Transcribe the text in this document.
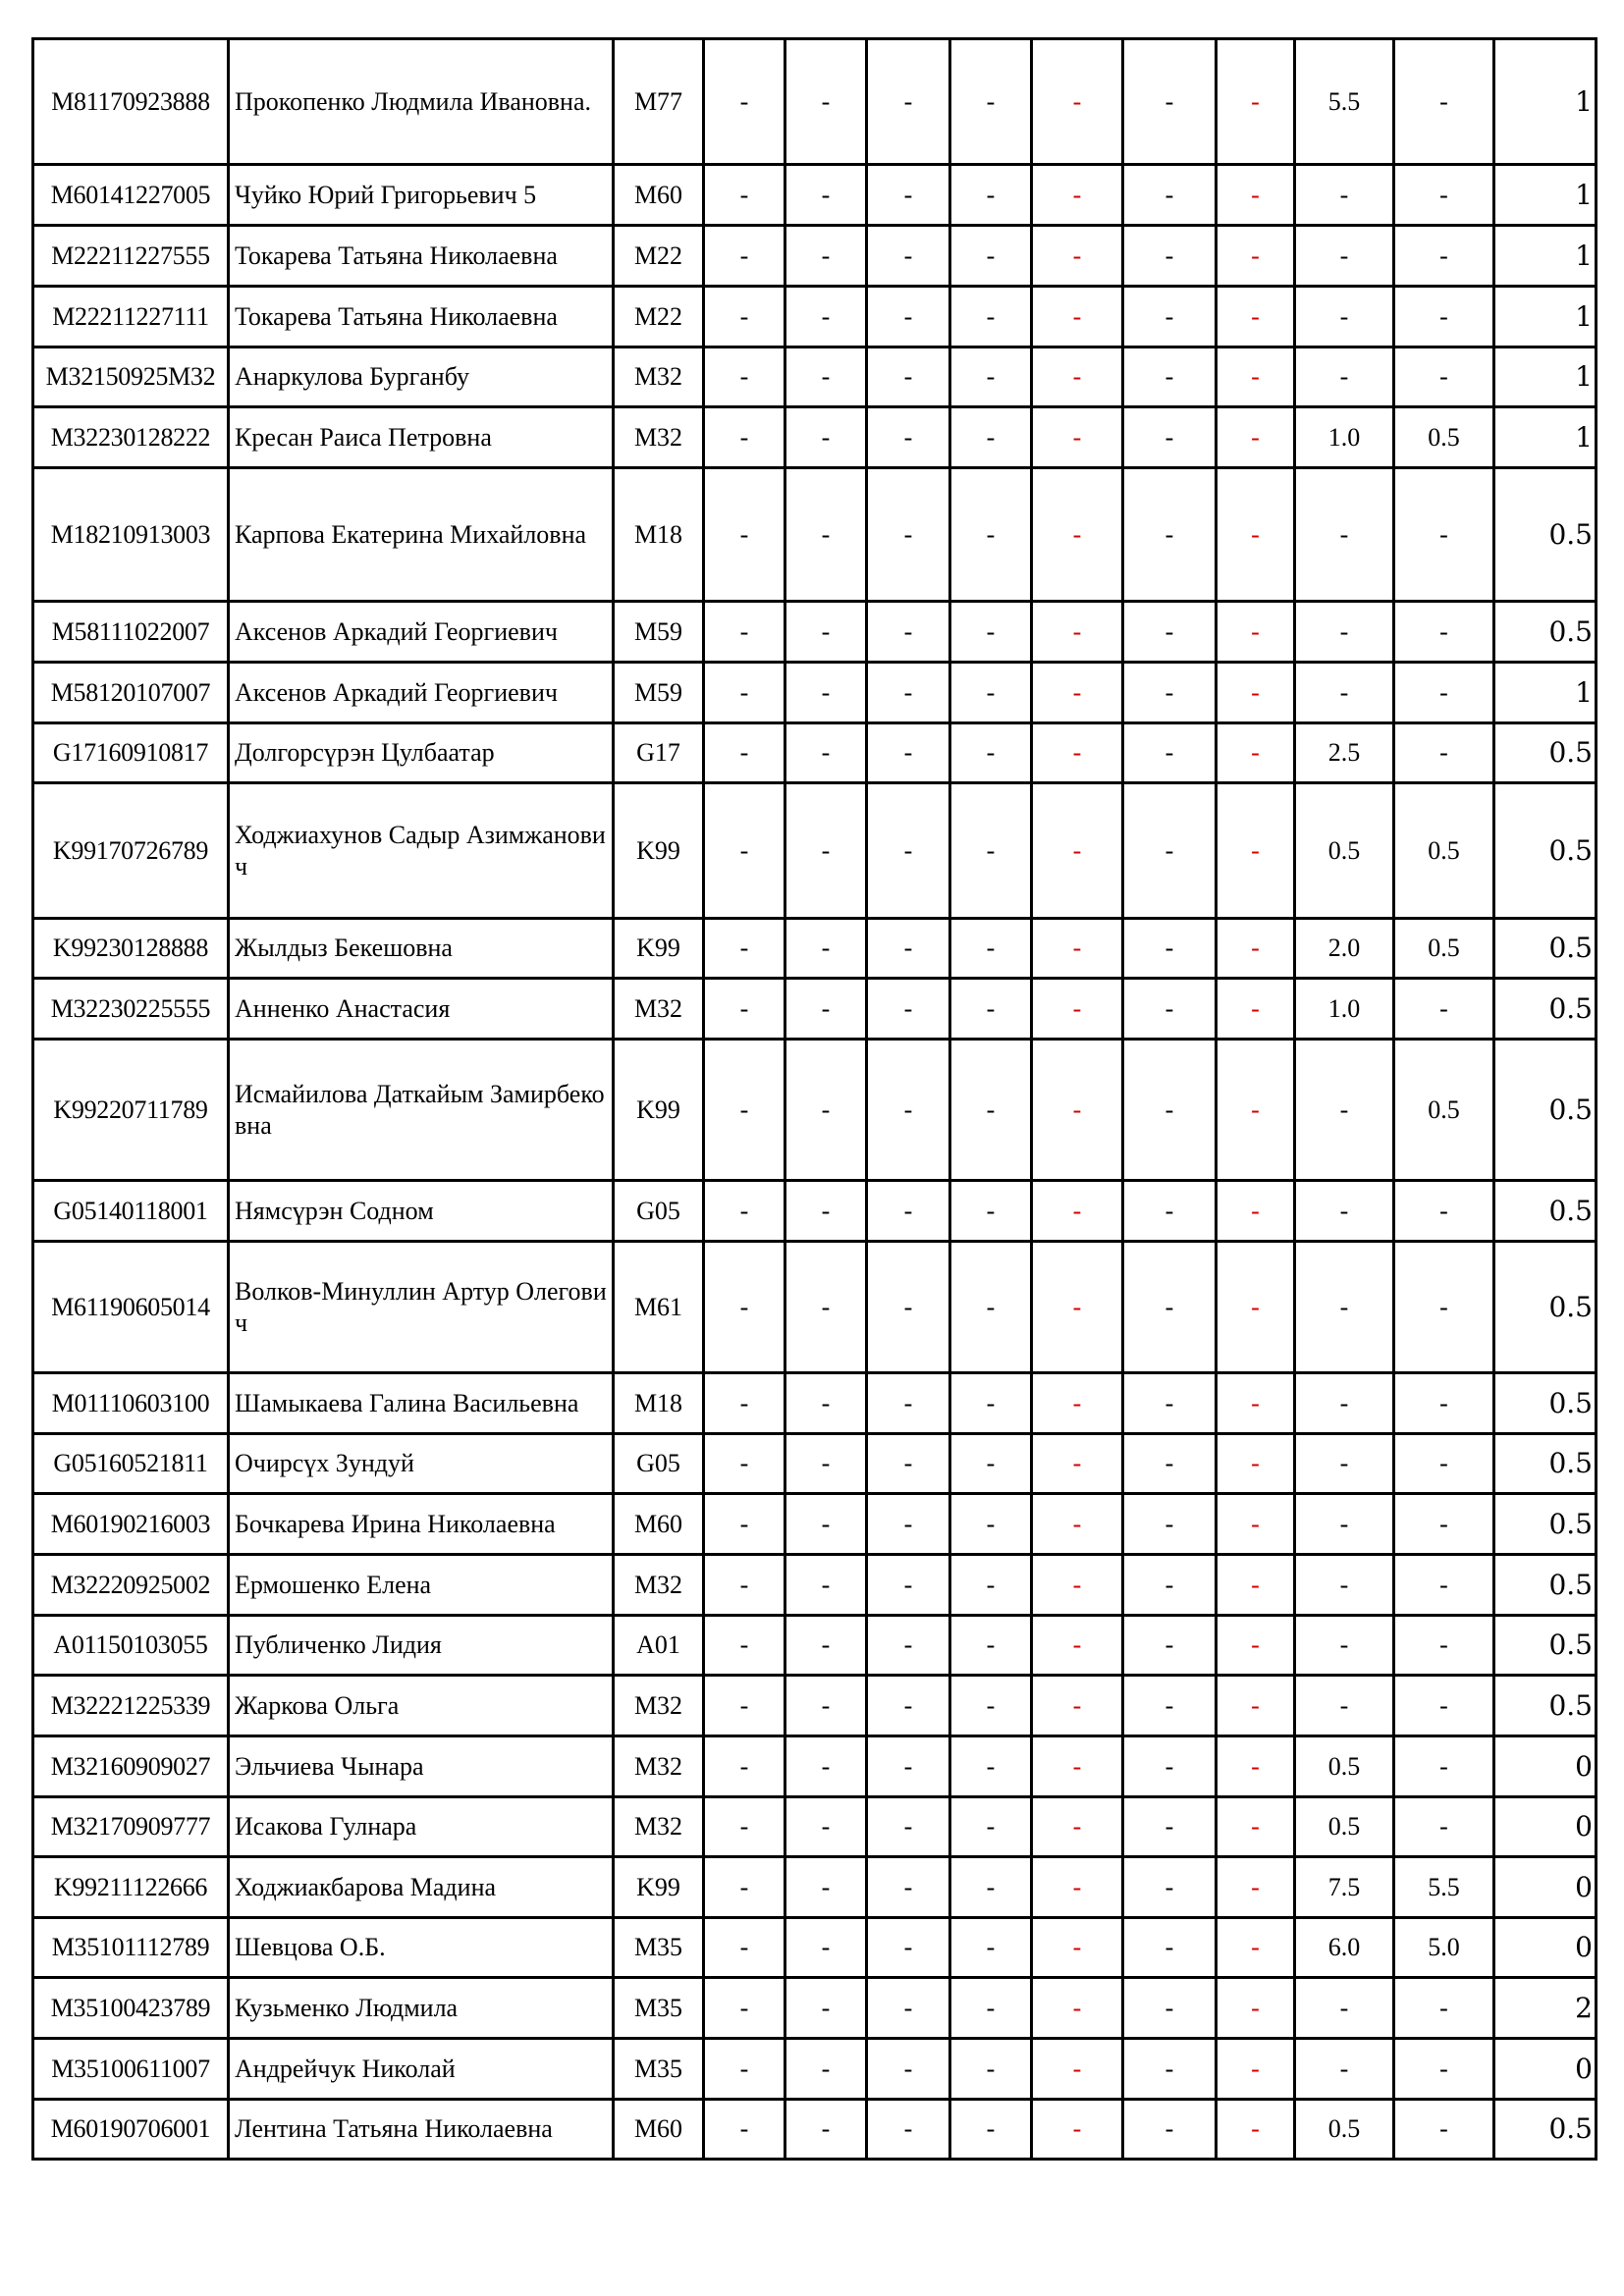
M81170923888	Прокопенко Людмила Ивановна.	M77	-	-	-	-	-	-	-	5.5	-	1
M60141227005	Чуйко Юрий Григорьевич 5	M60	-	-	-	-	-	-	-	-	-	1
M22211227555	Токарева Татьяна Николаевна	M22	-	-	-	-	-	-	-	-	-	1
M22211227111	Токарева Татьяна Николаевна	M22	-	-	-	-	-	-	-	-	-	1
M32150925M32	Анаркулова Бурганбу	M32	-	-	-	-	-	-	-	-	-	1
M32230128222	Кресан Раиса Петровна	M32	-	-	-	-	-	-	-	1.0	0.5	1
M18210913003	Карпова Екатерина Михайловна	M18	-	-	-	-	-	-	-	-	-	0.5
M58111022007	Аксенов Аркадий Георгиевич	M59	-	-	-	-	-	-	-	-	-	0.5
M58120107007	Аксенов Аркадий Георгиевич	M59	-	-	-	-	-	-	-	-	-	1
G17160910817	Долгорсүрэн Цулбаатар	G17	-	-	-	-	-	-	-	2.5	-	0.5
K99170726789	Ходжиахунов Садыр Азимжанович	K99	-	-	-	-	-	-	-	0.5	0.5	0.5
K99230128888	Жылдыз Бекешовна	K99	-	-	-	-	-	-	-	2.0	0.5	0.5
M32230225555	Анненко Анастасия	M32	-	-	-	-	-	-	-	1.0	-	0.5
K99220711789	Исмайилова Даткайым Замирбековна	K99	-	-	-	-	-	-	-	-	0.5	0.5
G05140118001	Нямсүрэн Содном	G05	-	-	-	-	-	-	-	-	-	0.5
M61190605014	Волков-Минуллин Артур Олегович	M61	-	-	-	-	-	-	-	-	-	0.5
M01110603100	Шамыкаева Галина Васильевна	M18	-	-	-	-	-	-	-	-	-	0.5
G05160521811	Очирсүх Зундуй	G05	-	-	-	-	-	-	-	-	-	0.5
M60190216003	Бочкарева Ирина Николаевна	M60	-	-	-	-	-	-	-	-	-	0.5
M32220925002	Ермошенко Елена	M32	-	-	-	-	-	-	-	-	-	0.5
A01150103055	Публиченко Лидия	A01	-	-	-	-	-	-	-	-	-	0.5
M32221225339	Жаркова Ольга	M32	-	-	-	-	-	-	-	-	-	0.5
M32160909027	Эльчиева Чынара	M32	-	-	-	-	-	-	-	0.5	-	0
M32170909777	Исакова Гулнара	M32	-	-	-	-	-	-	-	0.5	-	0
K99211122666	Ходжиакбарова Мадина	K99	-	-	-	-	-	-	-	7.5	5.5	0
M35101112789	Шевцова О.Б.	M35	-	-	-	-	-	-	-	6.0	5.0	0
M35100423789	Кузьменко Людмила	M35	-	-	-	-	-	-	-	-	-	2
M35100611007	Андрейчук Николай	M35	-	-	-	-	-	-	-	-	-	0
M60190706001	Лентина Татьяна Николаевна	M60	-	-	-	-	-	-	-	0.5	-	0.5
